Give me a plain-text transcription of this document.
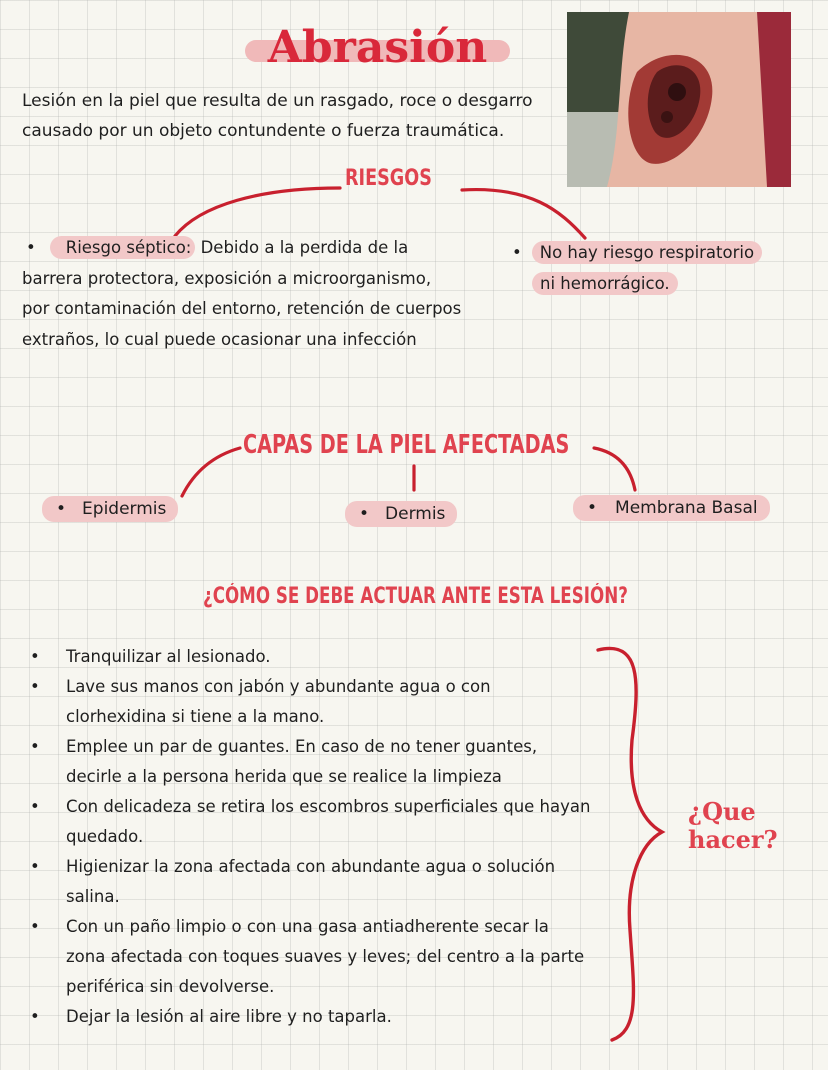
Abrasión
Lesión en la piel que resulta de un rasgado, roce o desgarro causado por un objeto contundente o fuerza traumática.
RIESGOS
• Riesgo séptico: Debido a la perdida de la barrera protectora, exposición a microorganismo, por contaminación del entorno, retención de cuerpos extraños, lo cual puede ocasionar una infección
• No hay riesgo respiratorio
ni hemorrágico.
CAPAS DE LA PIEL AFECTADAS
• Epidermis	• Dermis	• Membrana Basal
¿CÓMO SE DEBE ACTUAR ANTE ESTA LESIÓN?
• Tranquilizar al lesionado.
• Lave sus manos con jabón y abundante agua o con clorhexidina si tiene a la mano.
• Emplee un par de guantes. En caso de no tener guantes, decirle a la persona herida que se realice la limpieza
• Con delicadeza se retira los escombros superficiales que hayan quedado.
• Higienizar la zona afectada con abundante agua o solución salina.
• Con un paño limpio o con una gasa antiadherente secar la zona afectada con toques suaves y leves; del centro a la parte periférica sin devolverse.
• Dejar la lesión al aire libre y no taparla.
¿Que
hacer?
